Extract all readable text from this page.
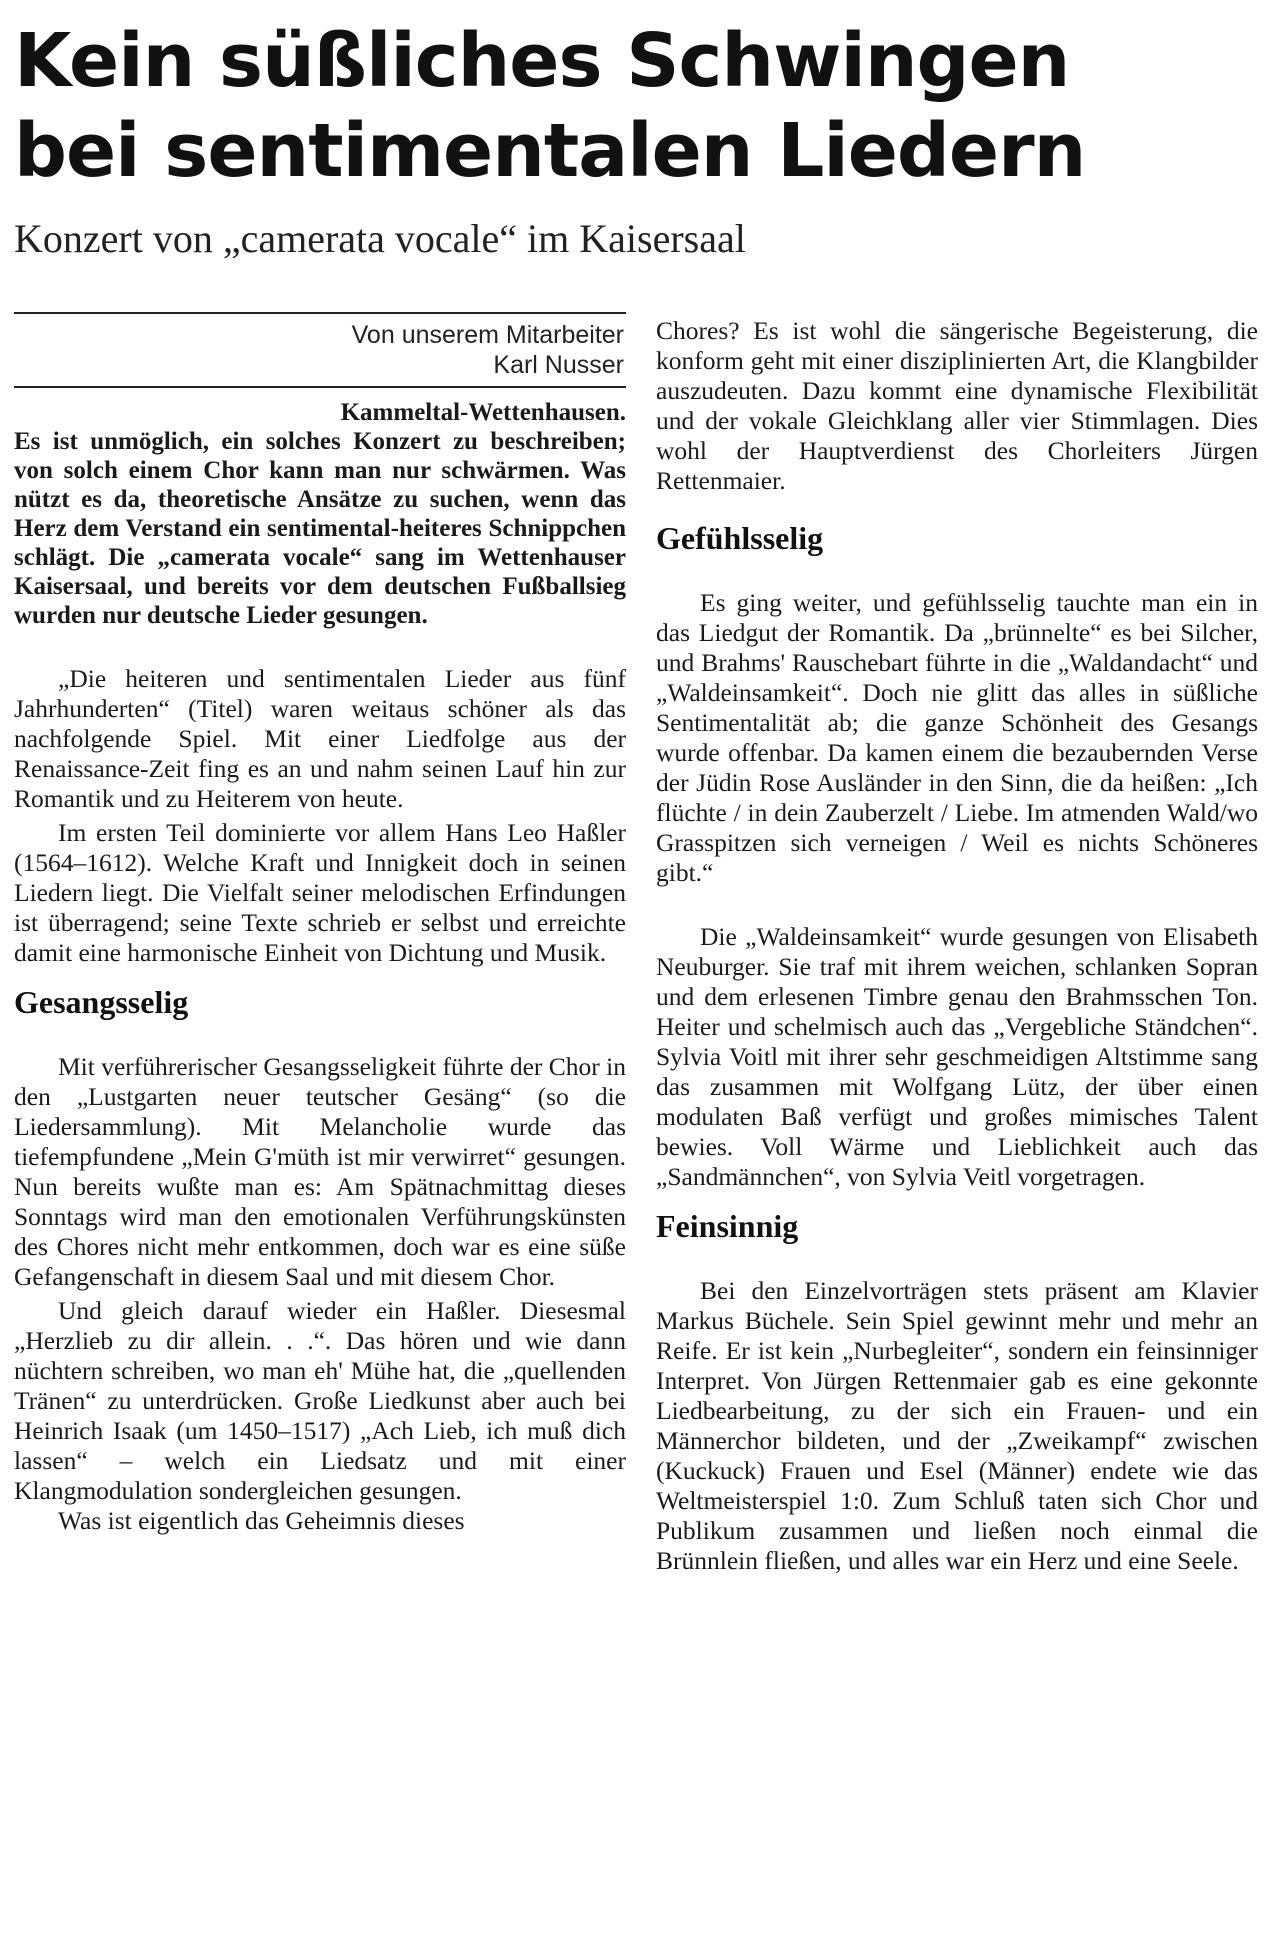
Kein süßliches Schwingen
bei sentimentalen Liedern
Konzert von „camerata vocale“ im Kaisersaal
Von unserem Mitarbeiter
Karl Nusser
Kammeltal-Wettenhausen.
Es ist unmöglich, ein solches Konzert zu beschreiben; von solch einem Chor kann man nur schwärmen. Was nützt es da, theoretische Ansätze zu suchen, wenn das Herz dem Verstand ein sentimental-heiteres Schnippchen schlägt. Die „camerata vocale“ sang im Wettenhauser Kaisersaal, und bereits vor dem deutschen Fußballsieg wurden nur deutsche Lieder gesungen.

„Die heiteren und sentimentalen Lieder aus fünf Jahrhunderten“ (Titel) waren weitaus schöner als das nachfolgende Spiel. Mit einer Liedfolge aus der Renaissance-Zeit fing es an und nahm seinen Lauf hin zur Romantik und zu Heiterem von heute.

Im ersten Teil dominierte vor allem Hans Leo Haßler (1564–1612). Welche Kraft und Innigkeit doch in seinen Liedern liegt. Die Vielfalt seiner melodischen Erfindungen ist überragend; seine Texte schrieb er selbst und erreichte damit eine harmonische Einheit von Dichtung und Musik.

Gesangsselig

Mit verführerischer Gesangsseligkeit führte der Chor in den „Lustgarten neuer teutscher Gesäng“ (so die Liedersammlung). Mit Melancholie wurde das tiefempfundene „Mein G'müth ist mir verwirret“ gesungen. Nun bereits wußte man es: Am Spätnachmittag dieses Sonntags wird man den emotionalen Verführungskünsten des Chores nicht mehr entkommen, doch war es eine süße Gefangenschaft in diesem Saal und mit diesem Chor.

Und gleich darauf wieder ein Haßler. Diesesmal „Herzlieb zu dir allein. . .“. Das hören und wie dann nüchtern schreiben, wo man eh' Mühe hat, die „quellenden Tränen“ zu unterdrücken. Große Liedkunst aber auch bei Heinrich Isaak (um 1450–1517) „Ach Lieb, ich muß dich lassen“ – welch ein Liedsatz und mit einer Klangmodulation sondergleichen gesungen.

Was ist eigentlich das Geheimnis dieses

Chores? Es ist wohl die sängerische Begeisterung, die konform geht mit einer disziplinierten Art, die Klangbilder auszudeuten. Dazu kommt eine dynamische Flexibilität und der vokale Gleichklang aller vier Stimmlagen. Dies wohl der Hauptverdienst des Chorleiters Jürgen Rettenmaier.

Gefühlsselig

Es ging weiter, und gefühlsselig tauchte man ein in das Liedgut der Romantik. Da „brünnelte“ es bei Silcher, und Brahms' Rauschebart führte in die „Waldandacht“ und „Waldeinsamkeit“. Doch nie glitt das alles in süßliche Sentimentalität ab; die ganze Schönheit des Gesangs wurde offenbar. Da kamen einem die bezaubernden Verse der Jüdin Rose Ausländer in den Sinn, die da heißen: „Ich flüchte / in dein Zauberzelt / Liebe. Im atmenden Wald/wo Grasspitzen sich verneigen / Weil es nichts Schöneres gibt.“

Die „Waldeinsamkeit“ wurde gesungen von Elisabeth Neuburger. Sie traf mit ihrem weichen, schlanken Sopran und dem erlesenen Timbre genau den Brahmsschen Ton. Heiter und schelmisch auch das „Vergebliche Ständchen“. Sylvia Voitl mit ihrer sehr geschmeidigen Altstimme sang das zusammen mit Wolfgang Lütz, der über einen modulaten Baß verfügt und großes mimisches Talent bewies. Voll Wärme und Lieblichkeit auch das „Sandmännchen“, von Sylvia Veitl vorgetragen.

Feinsinnig

Bei den Einzelvorträgen stets präsent am Klavier Markus Büchele. Sein Spiel gewinnt mehr und mehr an Reife. Er ist kein „Nurbegleiter“, sondern ein feinsinniger Interpret. Von Jürgen Rettenmaier gab es eine gekonnte Liedbearbeitung, zu der sich ein Frauen- und ein Männerchor bildeten, und der „Zweikampf“ zwischen (Kuckuck) Frauen und Esel (Männer) endete wie das Weltmeisterspiel 1:0. Zum Schluß taten sich Chor und Publikum zusammen und ließen noch einmal die Brünnlein fließen, und alles war ein Herz und eine Seele.
